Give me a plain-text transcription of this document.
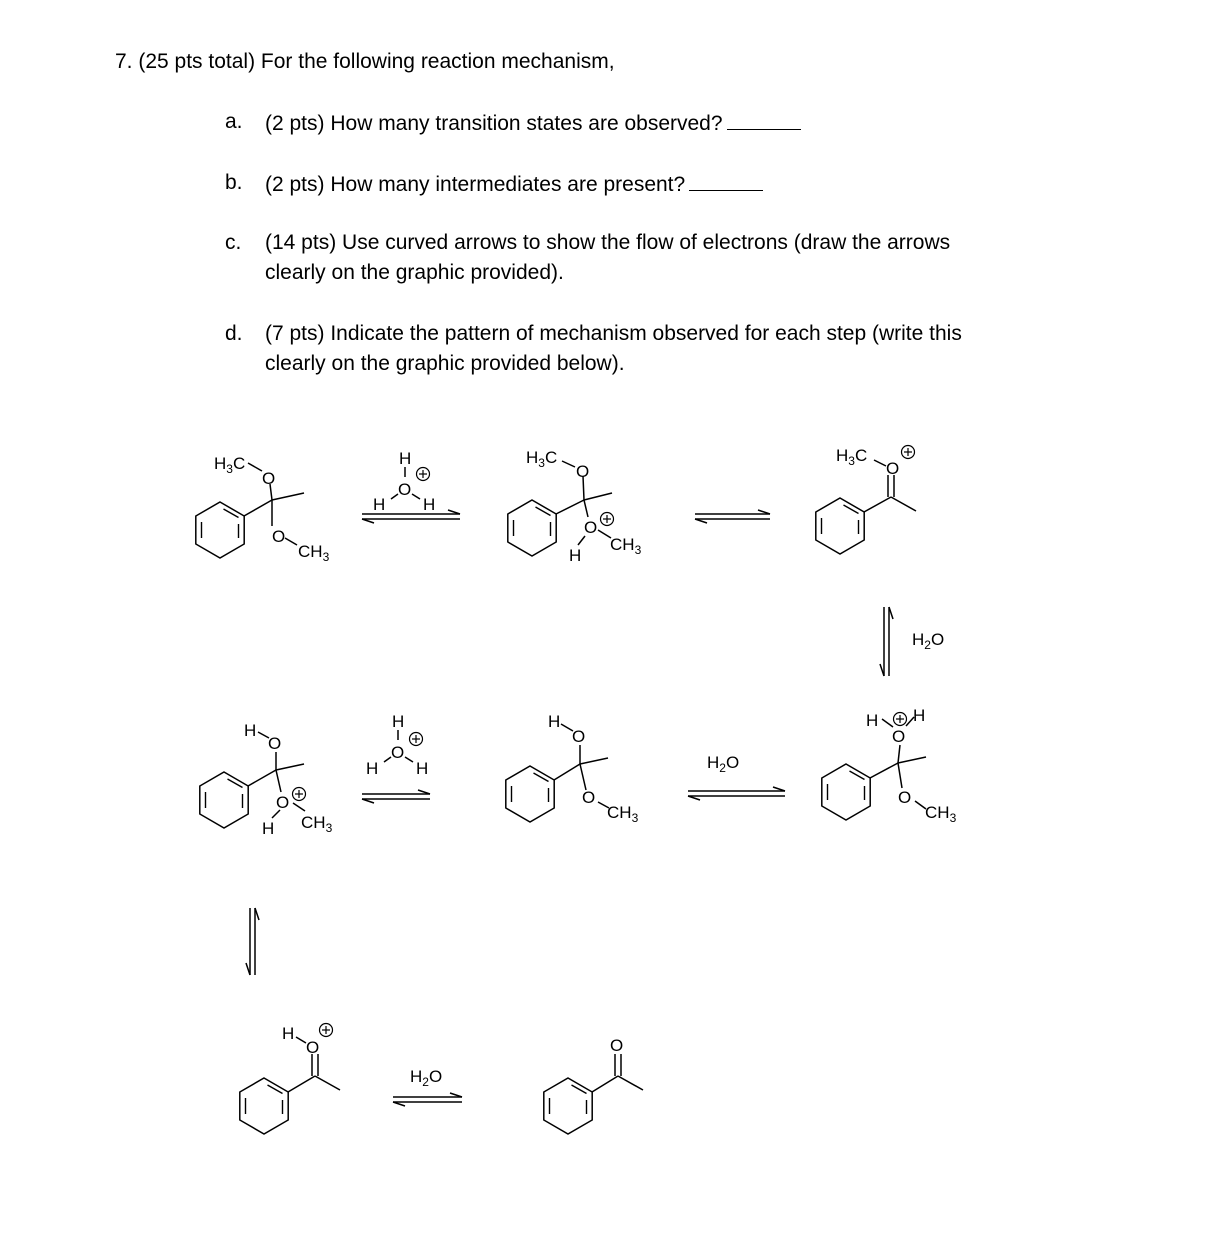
7. (25 pts total) For the following reaction mechanism,
a. (2 pts) How many transition states are observed?
b. (2 pts) How many intermediates are present?
c. (14 pts) Use curved arrows to show the flow of electrons (draw the arrows
clearly on the graphic provided).
d. (7 pts) Indicate the pattern of mechanism observed for each step (write this
clearly on the graphic provided below).
$H_3C$
O
O
$CH_3$
H
O
H H
$H_3C$
O
O
$CH_3$
H
$H_3C$
O
$H_2O$
H H
O
O
$CH_3$
$H_2O$
H
O
O
$CH_3$
H
O
H H
H
O
O
$CH_3$
H
H
O
$H_2O$
O
